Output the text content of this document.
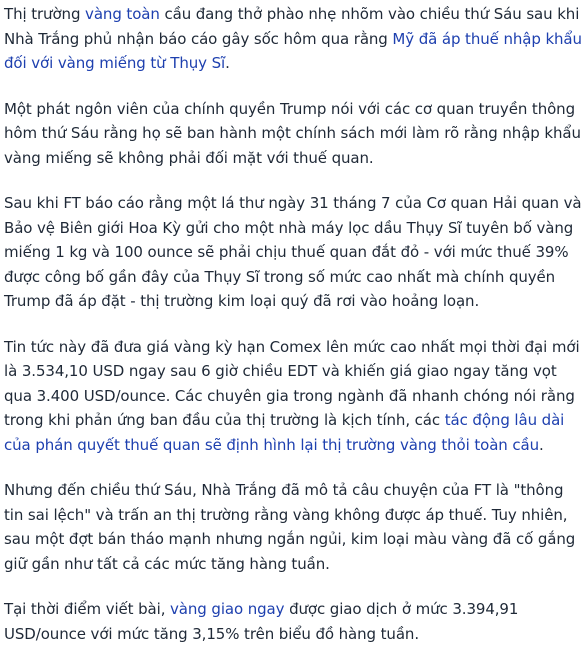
Thị trường vàng toàn cầu đang thở phào nhẹ nhõm vào chiều thứ Sáu sau khi Nhà Trắng phủ nhận báo cáo gây sốc hôm qua rằng Mỹ đã áp thuế nhập khẩu đối với vàng miếng từ Thụy Sĩ.

Một phát ngôn viên của chính quyền Trump nói với các cơ quan truyền thông hôm thứ Sáu rằng họ sẽ ban hành một chính sách mới làm rõ rằng nhập khẩu vàng miếng sẽ không phải đối mặt với thuế quan.

Sau khi FT báo cáo rằng một lá thư ngày 31 tháng 7 của Cơ quan Hải quan và Bảo vệ Biên giới Hoa Kỳ gửi cho một nhà máy lọc dầu Thụy Sĩ tuyên bố vàng miếng 1 kg và 100 ounce sẽ phải chịu thuế quan đắt đỏ - với mức thuế 39% được công bố gần đây của Thụy Sĩ trong số mức cao nhất mà chính quyền Trump đã áp đặt - thị trường kim loại quý đã rơi vào hoảng loạn.

Tin tức này đã đưa giá vàng kỳ hạn Comex lên mức cao nhất mọi thời đại mới là 3.534,10 USD ngay sau 6 giờ chiều EDT và khiến giá giao ngay tăng vọt qua 3.400 USD/ounce. Các chuyên gia trong ngành đã nhanh chóng nói rằng trong khi phản ứng ban đầu của thị trường là kịch tính, các tác động lâu dài của phán quyết thuế quan sẽ định hình lại thị trường vàng thỏi toàn cầu.

Nhưng đến chiều thứ Sáu, Nhà Trắng đã mô tả câu chuyện của FT là "thông tin sai lệch" và trấn an thị trường rằng vàng không được áp thuế. Tuy nhiên, sau một đợt bán tháo mạnh nhưng ngắn ngủi, kim loại màu vàng đã cố gắng giữ gần như tất cả các mức tăng hàng tuần.

Tại thời điểm viết bài, vàng giao ngay được giao dịch ở mức 3.394,91 USD/ounce với mức tăng 3,15% trên biểu đồ hàng tuần.
